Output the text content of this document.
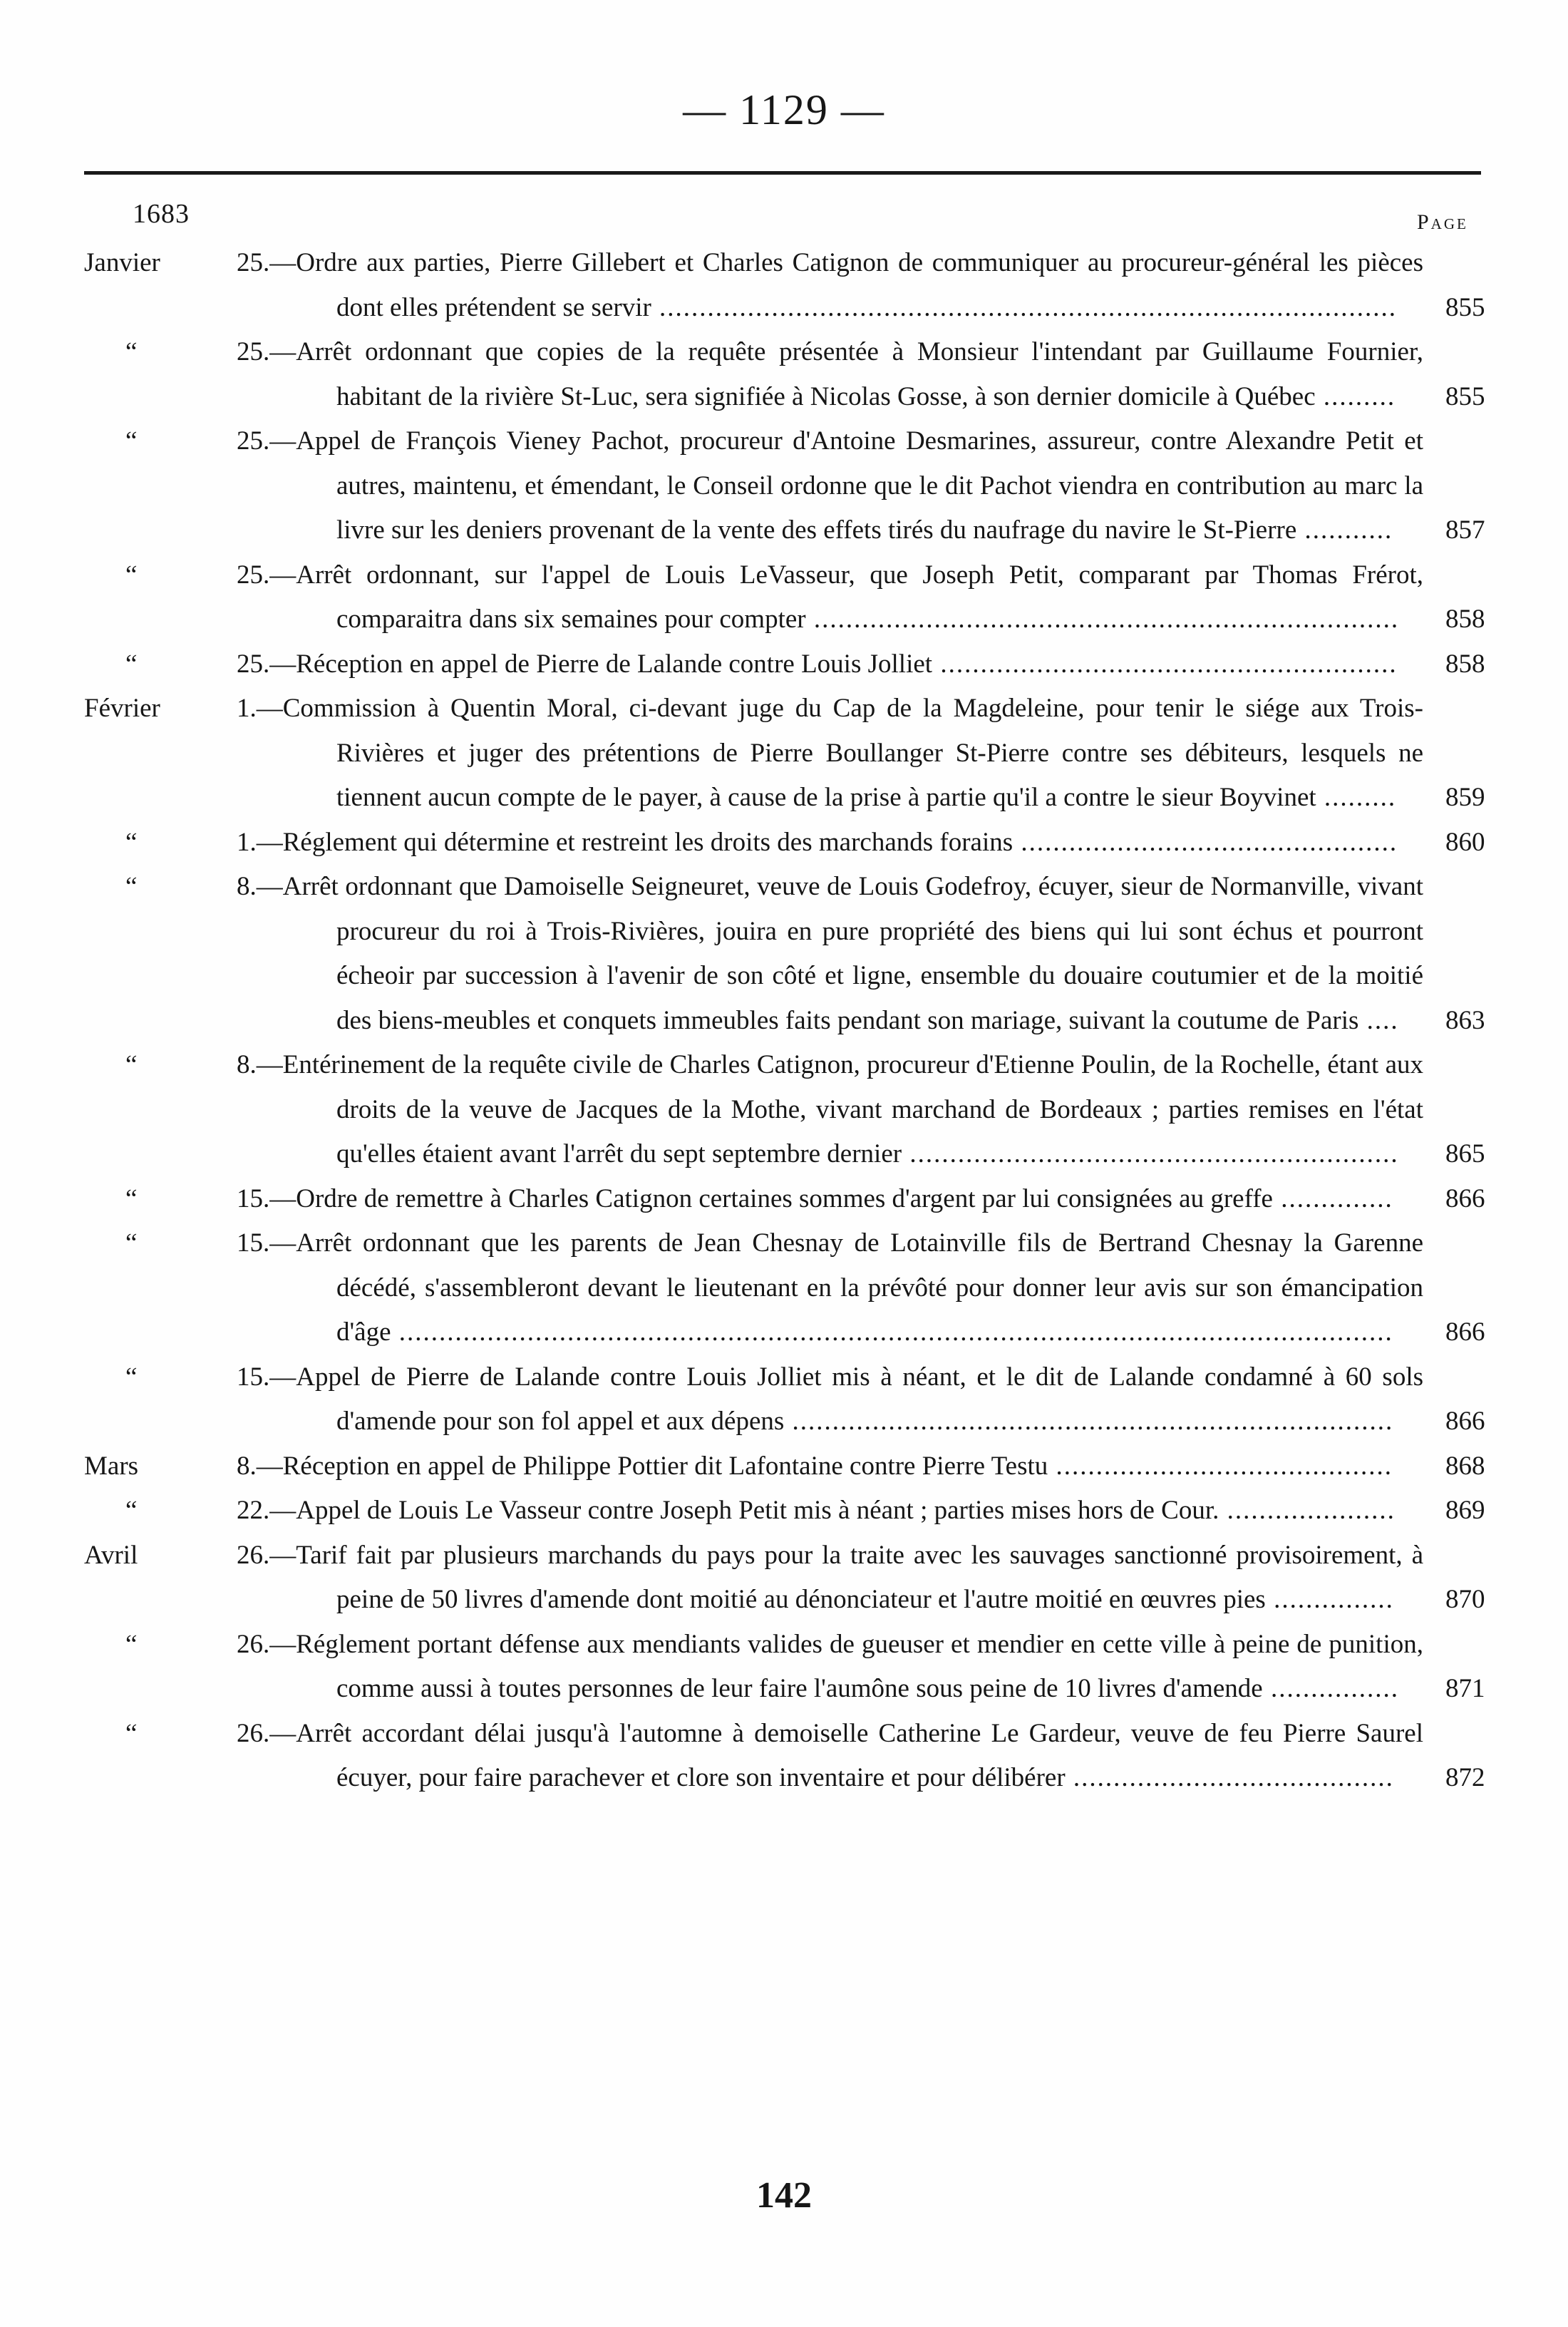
— 1129 —
1683	Page
Janvier	25.—Ordre aux parties, Pierre Gillebert et Charles Catignon de communiquer au procureur-général les pièces dont elles prétendent se servir ............................................................................................	855
“	25.—Arrêt ordonnant que copies de la requête présentée à Monsieur l'intendant par Guillaume Fournier, habitant de la rivière St-Luc, sera signifiée à Nicolas Gosse, à son dernier domicile à Québec .........	855
“	25.—Appel de François Vieney Pachot, procureur d'Antoine Desmarines, assureur, contre Alexandre Petit et autres, maintenu, et émendant, le Conseil ordonne que le dit Pachot viendra en contribution au marc la livre sur les deniers provenant de la vente des effets tirés du naufrage du navire le St-Pierre ...........	857
“	25.—Arrêt ordonnant, sur l'appel de Louis LeVasseur, que Joseph Petit, comparant par Thomas Frérot, comparaitra dans six semaines pour compter .........................................................................	858
“	25.—Réception en appel de Pierre de Lalande contre Louis Jolliet .........................................................	858
Février	1.—Commission à Quentin Moral, ci-devant juge du Cap de la Magdeleine, pour tenir le siége aux Trois-Rivières et juger des prétentions de Pierre Boullanger St-Pierre contre ses débiteurs, lesquels ne tiennent aucun compte de le payer, à cause de la prise à partie qu'il a contre le sieur Boyvinet .........	859
“	1.—Réglement qui détermine et restreint les droits des marchands forains ...............................................	860
“	8.—Arrêt ordonnant que Damoiselle Seigneuret, veuve de Louis Godefroy, écuyer, sieur de Normanville, vivant procureur du roi à Trois-Rivières, jouira en pure propriété des biens qui lui sont échus et pourront écheoir par succession à l'avenir de son côté et ligne, ensemble du douaire coutumier et de la moitié des biens-meubles et conquets immeubles faits pendant son mariage, suivant la coutume de Paris ....	863
“	8.—Entérinement de la requête civile de Charles Catignon, procureur d'Etienne Poulin, de la Rochelle, étant aux droits de la veuve de Jacques de la Mothe, vivant marchand de Bordeaux ; parties remises en l'état qu'elles étaient avant l'arrêt du sept septembre dernier .............................................................	865
“	15.—Ordre de remettre à Charles Catignon certaines sommes d'argent par lui consignées au greffe ..............	866
“	15.—Arrêt ordonnant que les parents de Jean Chesnay de Lotainville fils de Bertrand Chesnay la Garenne décédé, s'assembleront devant le lieutenant en la prévôté pour donner leur avis sur son émancipation d'âge ............................................................................................................................	866
“	15.—Appel de Pierre de Lalande contre Louis Jolliet mis à néant, et le dit de Lalande condamné à 60 sols d'amende pour son fol appel et aux dépens ...........................................................................	866
Mars	8.—Réception en appel de Philippe Pottier dit Lafontaine contre Pierre Testu ..........................................	868
“	22.—Appel de Louis Le Vasseur contre Joseph Petit mis à néant ; parties mises hors de Cour. .....................	869
Avril	26.—Tarif fait par plusieurs marchands du pays pour la traite avec les sauvages sanctionné provisoirement, à peine de 50 livres d'amende dont moitié au dénonciateur et l'autre moitié en œuvres pies ...............	870
“	26.—Réglement portant défense aux mendiants valides de gueuser et mendier en cette ville à peine de punition, comme aussi à toutes personnes de leur faire l'aumône sous peine de 10 livres d'amende ................	871
“	26.—Arrêt accordant délai jusqu'à l'automne à demoiselle Catherine Le Gardeur, veuve de feu Pierre Saurel écuyer, pour faire parachever et clore son inventaire et pour délibérer ........................................	872
142
